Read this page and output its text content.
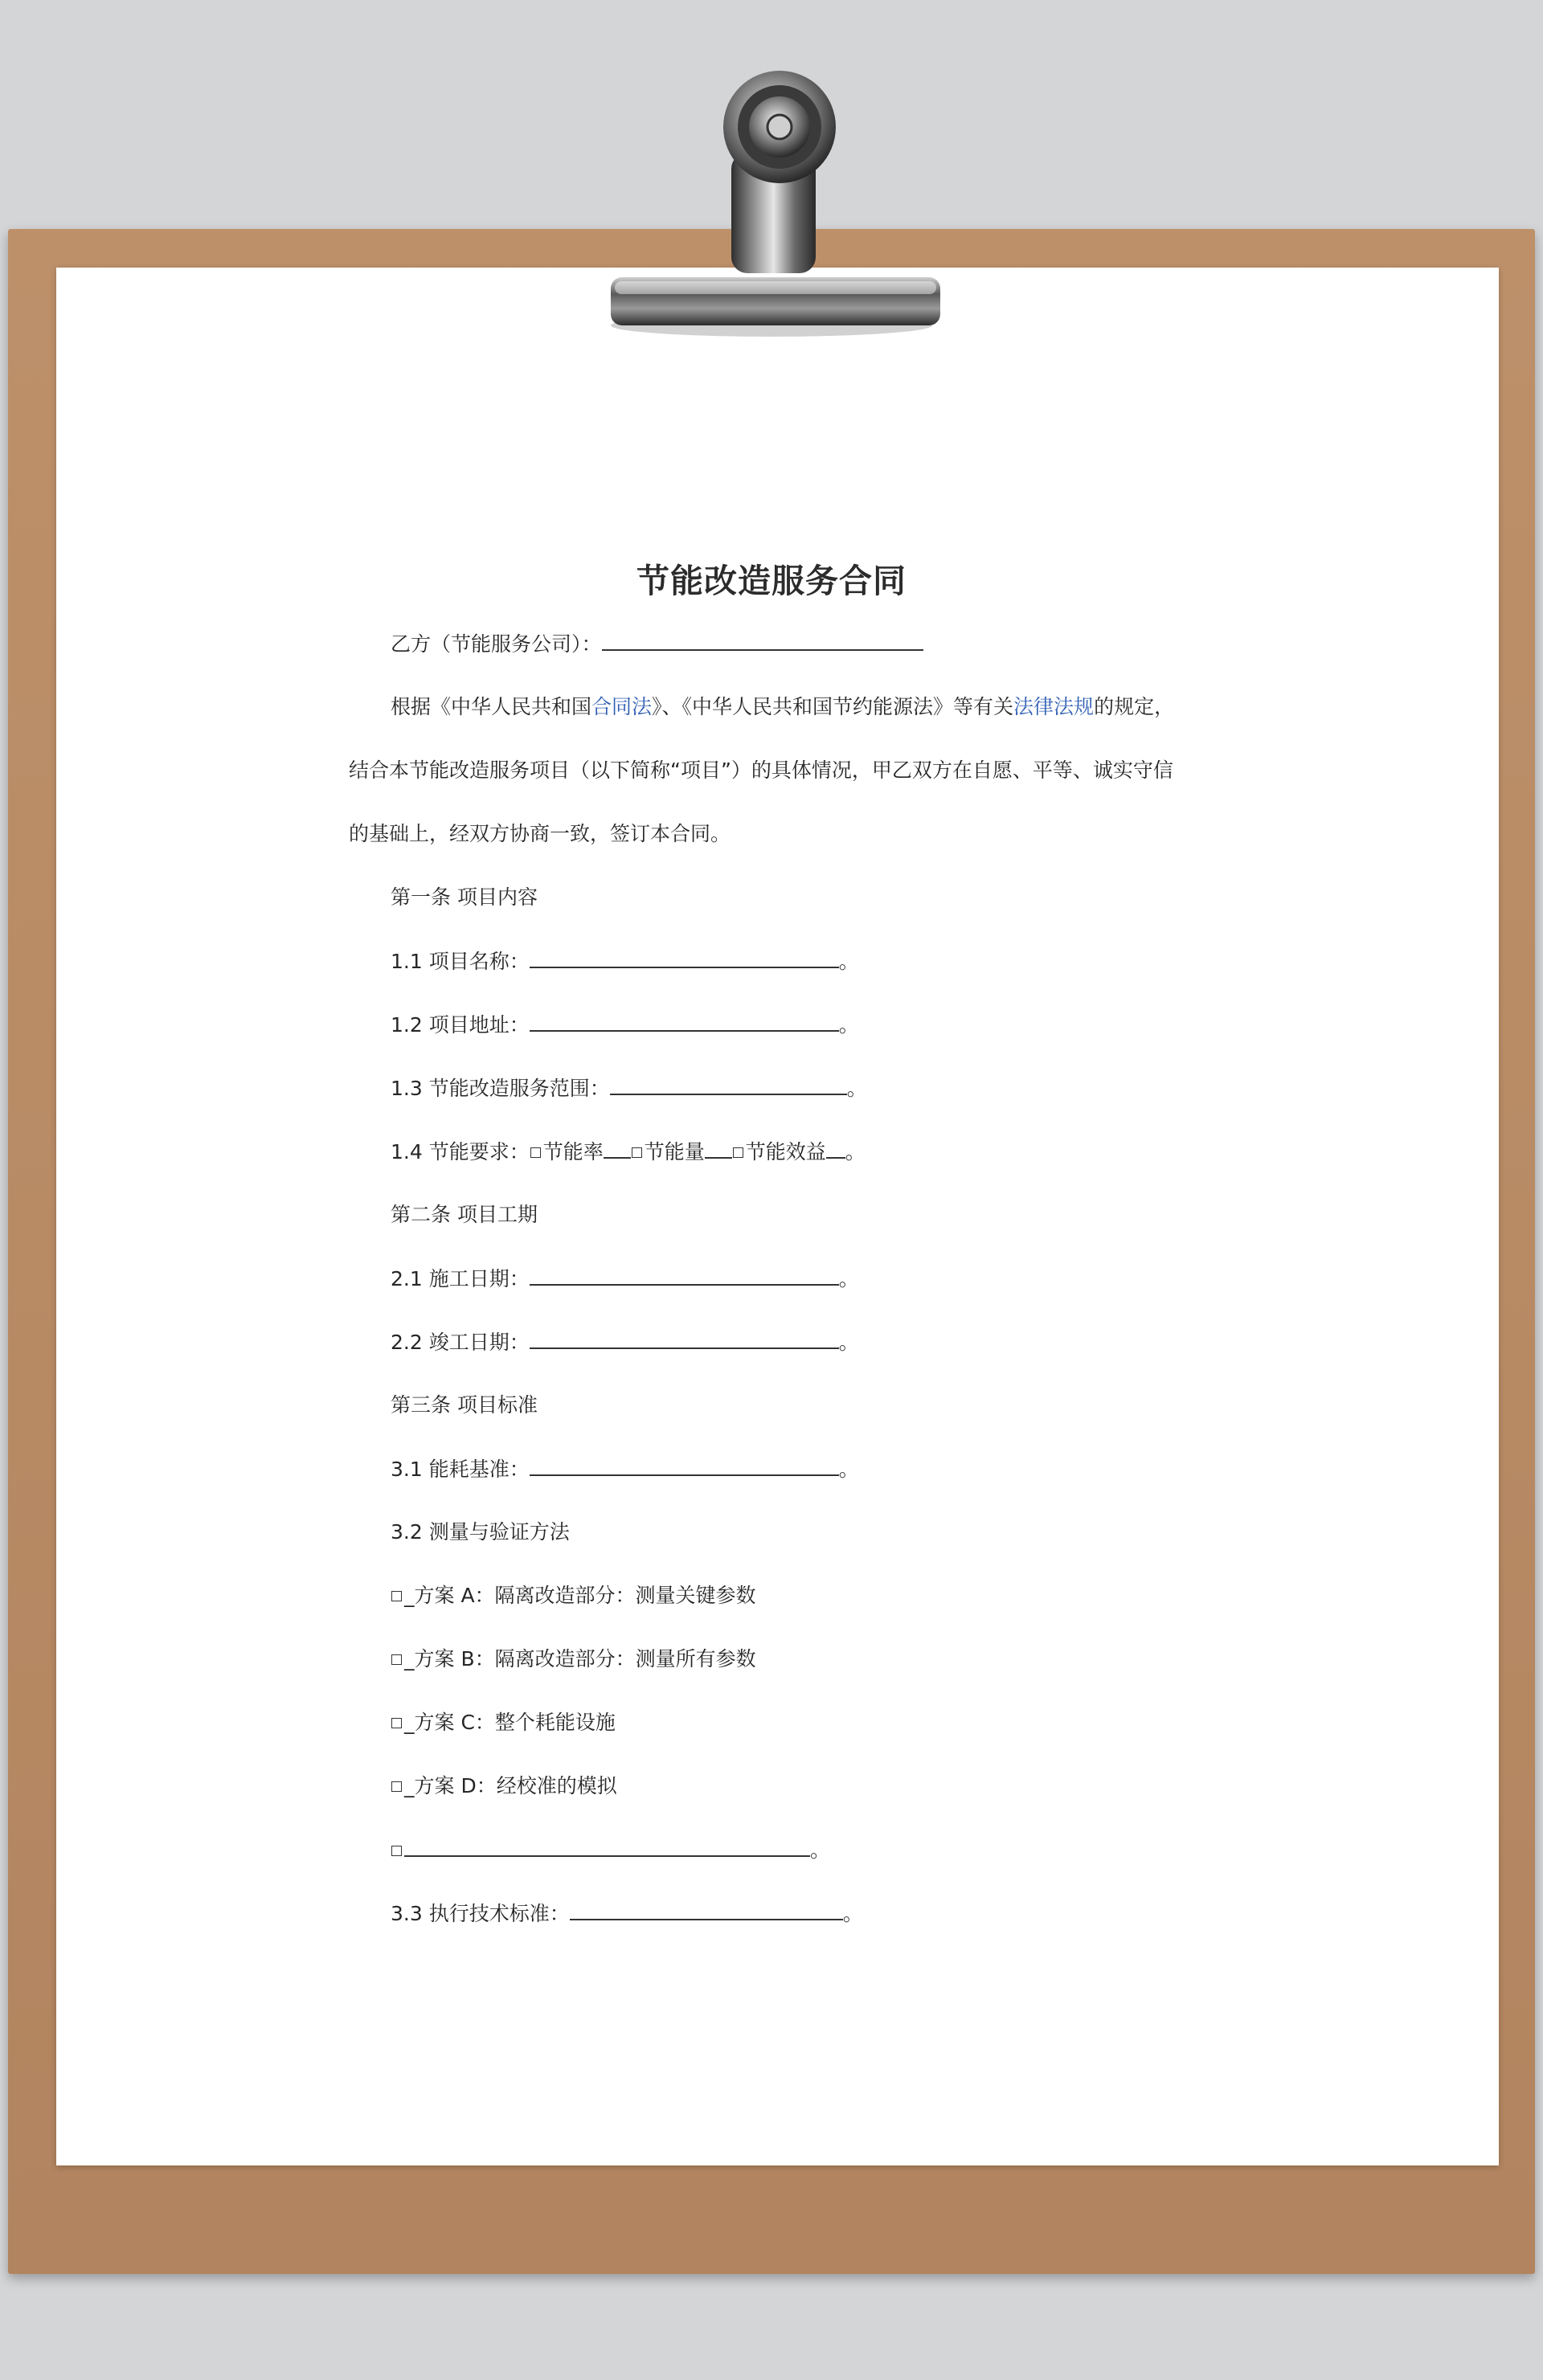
节能改造服务合同
乙方（节能服务公司）：
根据《中华人民共和国合同法》、《中华人民共和国节约能源法》等有关法律法规的规定，
结合本节能改造服务项目（以下简称“项目”）的具体情况，甲乙双方在自愿、平等、诚实守信
的基础上，经双方协商一致，签订本合同。
第一条 项目内容
1.1 项目名称：	。
1.2 项目地址：	。
1.3 节能改造服务范围：	。
1.4 节能要求： 节能率 节能量 节能效益 。
第二条 项目工期
2.1 施工日期：	。
2.2 竣工日期：	。
第三条 项目标准
3.1 能耗基准：	。
3.2 测量与验证方法
_方案 A：隔离改造部分：测量关键参数
_方案 B：隔离改造部分：测量所有参数
_方案 C：整个耗能设施
_方案 D：经校准的模拟
。
3.3 执行技术标准：	。
